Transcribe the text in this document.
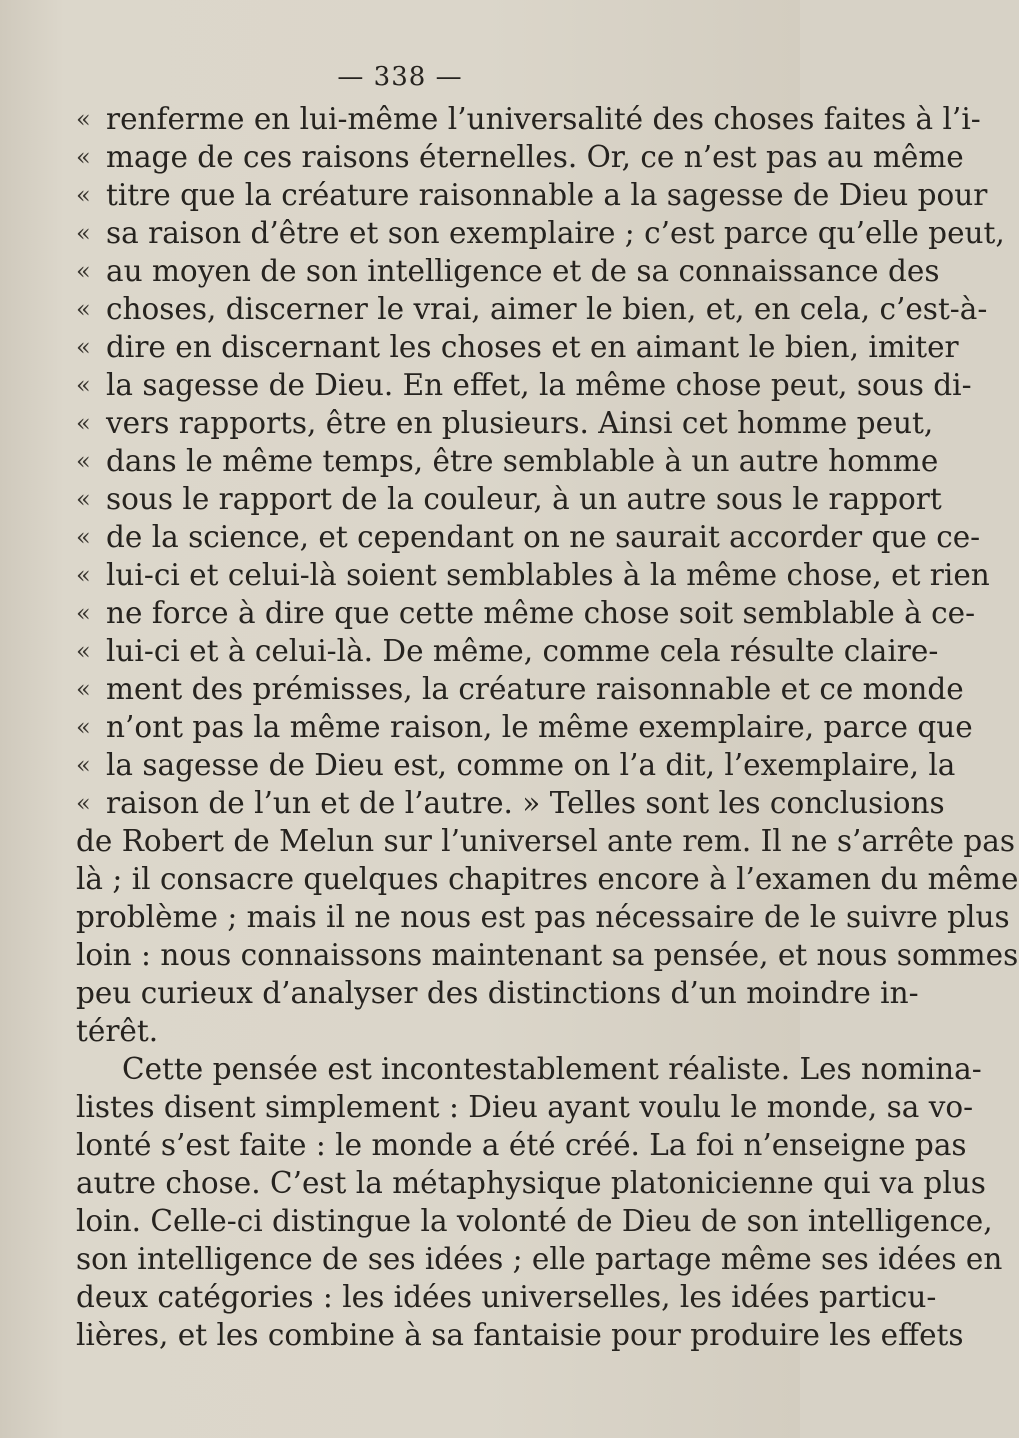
— 338 —
« renferme en lui-même l’universalité des choses faites à l’i-
« mage de ces raisons éternelles. Or, ce n’est pas au même
« titre que la créature raisonnable a la sagesse de Dieu pour
« sa raison d’être et son exemplaire ; c’est parce qu’elle peut,
« au moyen de son intelligence et de sa connaissance des
« choses, discerner le vrai, aimer le bien, et, en cela, c’est-à-
« dire en discernant les choses et en aimant le bien, imiter
« la sagesse de Dieu. En effet, la même chose peut, sous di-
« vers rapports, être en plusieurs. Ainsi cet homme peut,
« dans le même temps, être semblable à un autre homme
« sous le rapport de la couleur, à un autre sous le rapport
« de la science, et cependant on ne saurait accorder que ce-
« lui-ci et celui-là soient semblables à la même chose, et rien
« ne force à dire que cette même chose soit semblable à ce-
« lui-ci et à celui-là. De même, comme cela résulte claire-
« ment des prémisses, la créature raisonnable et ce monde
« n’ont pas la même raison, le même exemplaire, parce que
« la sagesse de Dieu est, comme on l’a dit, l’exemplaire, la
« raison de l’un et de l’autre. » Telles sont les conclusions
de Robert de Melun sur l’universel ante rem. Il ne s’arrête pas
là ; il consacre quelques chapitres encore à l’examen du même
problème ; mais il ne nous est pas nécessaire de le suivre plus
loin : nous connaissons maintenant sa pensée, et nous sommes
peu curieux d’analyser des distinctions d’un moindre in-
térêt.
Cette pensée est incontestablement réaliste. Les nomina-
listes disent simplement : Dieu ayant voulu le monde, sa vo-
lonté s’est faite : le monde a été créé. La foi n’enseigne pas
autre chose. C’est la métaphysique platonicienne qui va plus
loin. Celle-ci distingue la volonté de Dieu de son intelligence,
son intelligence de ses idées ; elle partage même ses idées en
deux catégories : les idées universelles, les idées particu-
lières, et les combine à sa fantaisie pour produire les effets
